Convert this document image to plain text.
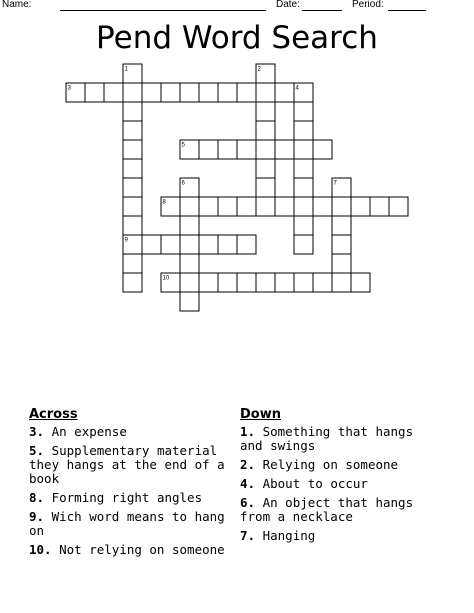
Name:	Date:	Period:
Pend Word Search
1	2
3	4
5
6	7
8
9
10
Across
3. An expense
5. Supplementary material they hangs at the end of a book
8. Forming right angles
9. Wich word means to hang on
10. Not relying on someone
Down
1. Something that hangs and swings
2. Relying on someone
4. About to occur
6. An object that hangs from a necklace
7. Hanging
